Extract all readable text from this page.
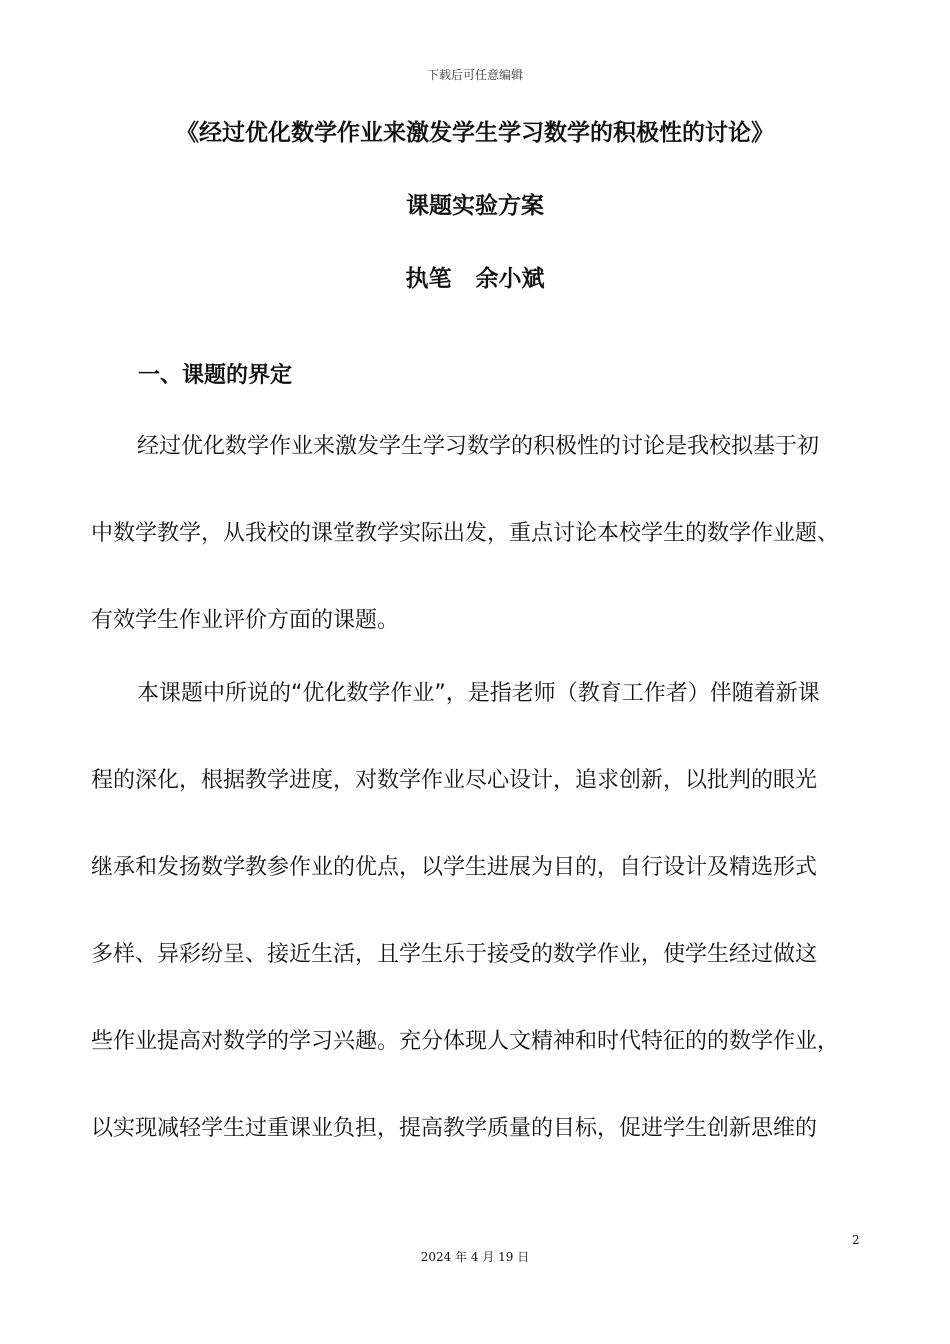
下载后可任意编辑
《经过优化数学作业来激发学生学习数学的积极性的讨论》
课题实验方案
执笔 余小斌
一、课题的界定
经过优化数学作业来激发学生学习数学的积极性的讨论是我校拟基于初
中数学教学，从我校的课堂教学实际出发，重点讨论本校学生的数学作业题、
有效学生作业评价方面的课题。
本课题中所说的“优化数学作业”，是指老师（教育工作者）伴随着新课
程的深化，根据教学进度，对数学作业尽心设计，追求创新，以批判的眼光
继承和发扬数学教参作业的优点，以学生进展为目的，自行设计及精选形式
多样、异彩纷呈、接近生活，且学生乐于接受的数学作业，使学生经过做这
些作业提高对数学的学习兴趣。充分体现人文精神和时代特征的的数学作业，
以实现减轻学生过重课业负担，提高教学质量的目标，促进学生创新思维的
2
2024 年 4 月 19 日
